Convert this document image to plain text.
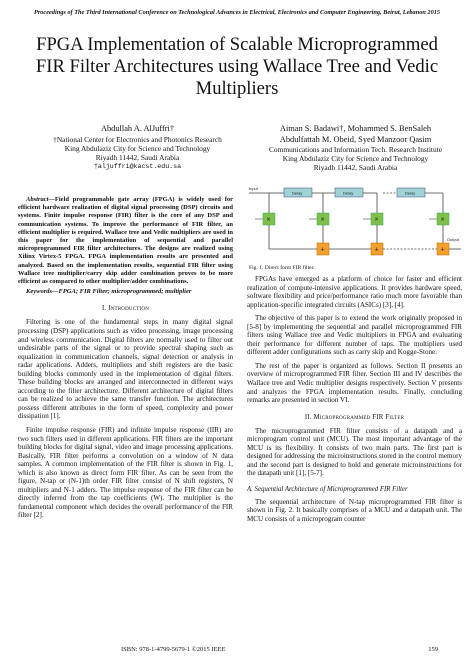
Proceedings of The Third International Conference on Technological Advances in Electrical, Electronics and Computer Engineering, Beirut, Lebanon 2015
FPGA Implementation of Scalable Microprogrammed FIR Filter Architectures using Wallace Tree and Vedic Multipliers
Abdullah A. AlJuffri†
†National Center for Electronics and Photonics Research
King Abdulaziz City for Science and Technology
Riyadh 11442, Saudi Arabia
†aljuffri@kacst.edu.sa
Aiman S. Badawi†, Mohammed S. BenSaleh
Abdulfattah M. Obeid, Syed Manzoor Qasim
Communications and Information Tech. Research Institute
King Abdulaziz City for Science and Technology
Riyadh 11442, Saudi Arabia

Abstract—Field programmable gate array (FPGA) is widely used for efficient hardware realization of digital signal processing (DSP) circuits and systems. Finite impulse response (FIR) filter is the core of any DSP and communication systems. To improve the performance of FIR filter, an efficient multiplier is required. Wallace tree and Vedic multipliers are used in this paper for the implementation of sequential and parallel microprogrammed FIR filter architectures. The designs are realized using Xilinx Virtex-5 FPGA. FPGA implementation results are presented and analyzed. Based on the implementation results, sequential FIR filter using Wallace tree multiplier/carry skip adder combination proves to be more efficient as compared to other multiplier/adder combinations.

Keywords—FPGA; FIR Filter; microprogrammed; multiplier

I. Introduction

Filtering is one of the fundamental steps in many digital signal processing (DSP) applications such as video processing, image processing and wireless communication. Digital filters are normally used to filter out undesirable parts of the signal or to provide spectral shaping such as equalization in communication channels, signal detection or analysis in radar applications. Adders, multipliers and shift registers are the basic building blocks commonly used in the implementation of digital filters. These building blocks are arranged and interconnected in different ways according to the filter architecture. Different architecture of digital filters can be realized to achieve the same transfer function. The architectures possess different attributes in the form of speed, complexity and power dissipation [1].

Finite impulse response (FIR) and infinite impulse response (IIR) are two such filters used in different applications. FIR filters are the important building blocks for digital signal, video and image processing applications. Basically, FIR filter performs a convolution on a window of N data samples. A common implementation of the FIR filter is shown in Fig. 1, which is also known as direct form FIR filter. As can be seen from the figure, N-tap or (N-1)th order FIR filter consist of N shift registers, N multipliers and N-1 adders. The impulse response of the FIR filter can be directly inferred from the tap coefficients (W). The multiplier is the fundamental component which decides the overall performance of the FIR filter [2].

Input
Delay	Delay	Delay
×	×	×	×
+	+	+
Output
Fig. 1. Direct form FIR filter.

FPGAs have emerged as a platform of choice for faster and efficient realization of compute-intensive applications. It provides hardware speed, software flexibility and price/performance ratio much more favorable than application-specific integrated circuits (ASICs) [3], [4].

The objective of this paper is to extend the work originally proposed in [5-8] by implementing the sequential and parallel microprogrammed FIR filters using Wallace tree and Vedic multipliers in FPGA and evaluating their performance for different number of taps. The multipliers used different adder configurations such as carry skip and Kogge-Stone.

The rest of the paper is organized as follows. Section II presents an overview of microprogrammed FIR filter. Section III and IV describes the Wallace tree and Vedic multiplier designs respectively. Section V presents and analyzes the FPGA implementation results. Finally, concluding remarks are presented in section VI.

II. Microprogrammed FIR Filter

The microprogrammed FIR filter consists of a datapath and a microprogram control unit (MCU). The most important advantage of the MCU is its flexibility. It consists of two main parts. The first part is designed for addressing the microinstructions stored in the control memory and the second part is designed to hold and generate microinstructions for the datapath unit [1], [5-7].

A. Sequential Architecture of Microprogrammed FIR Filter

The sequential architecture of N-tap microprogrammed FIR filter is shown in Fig. 2. It basically comprises of a MCU and a datapath unit. The MCU consists of a microprogram counter

ISBN: 978-1-4799-5679-1 ©2015 IEEE	159
